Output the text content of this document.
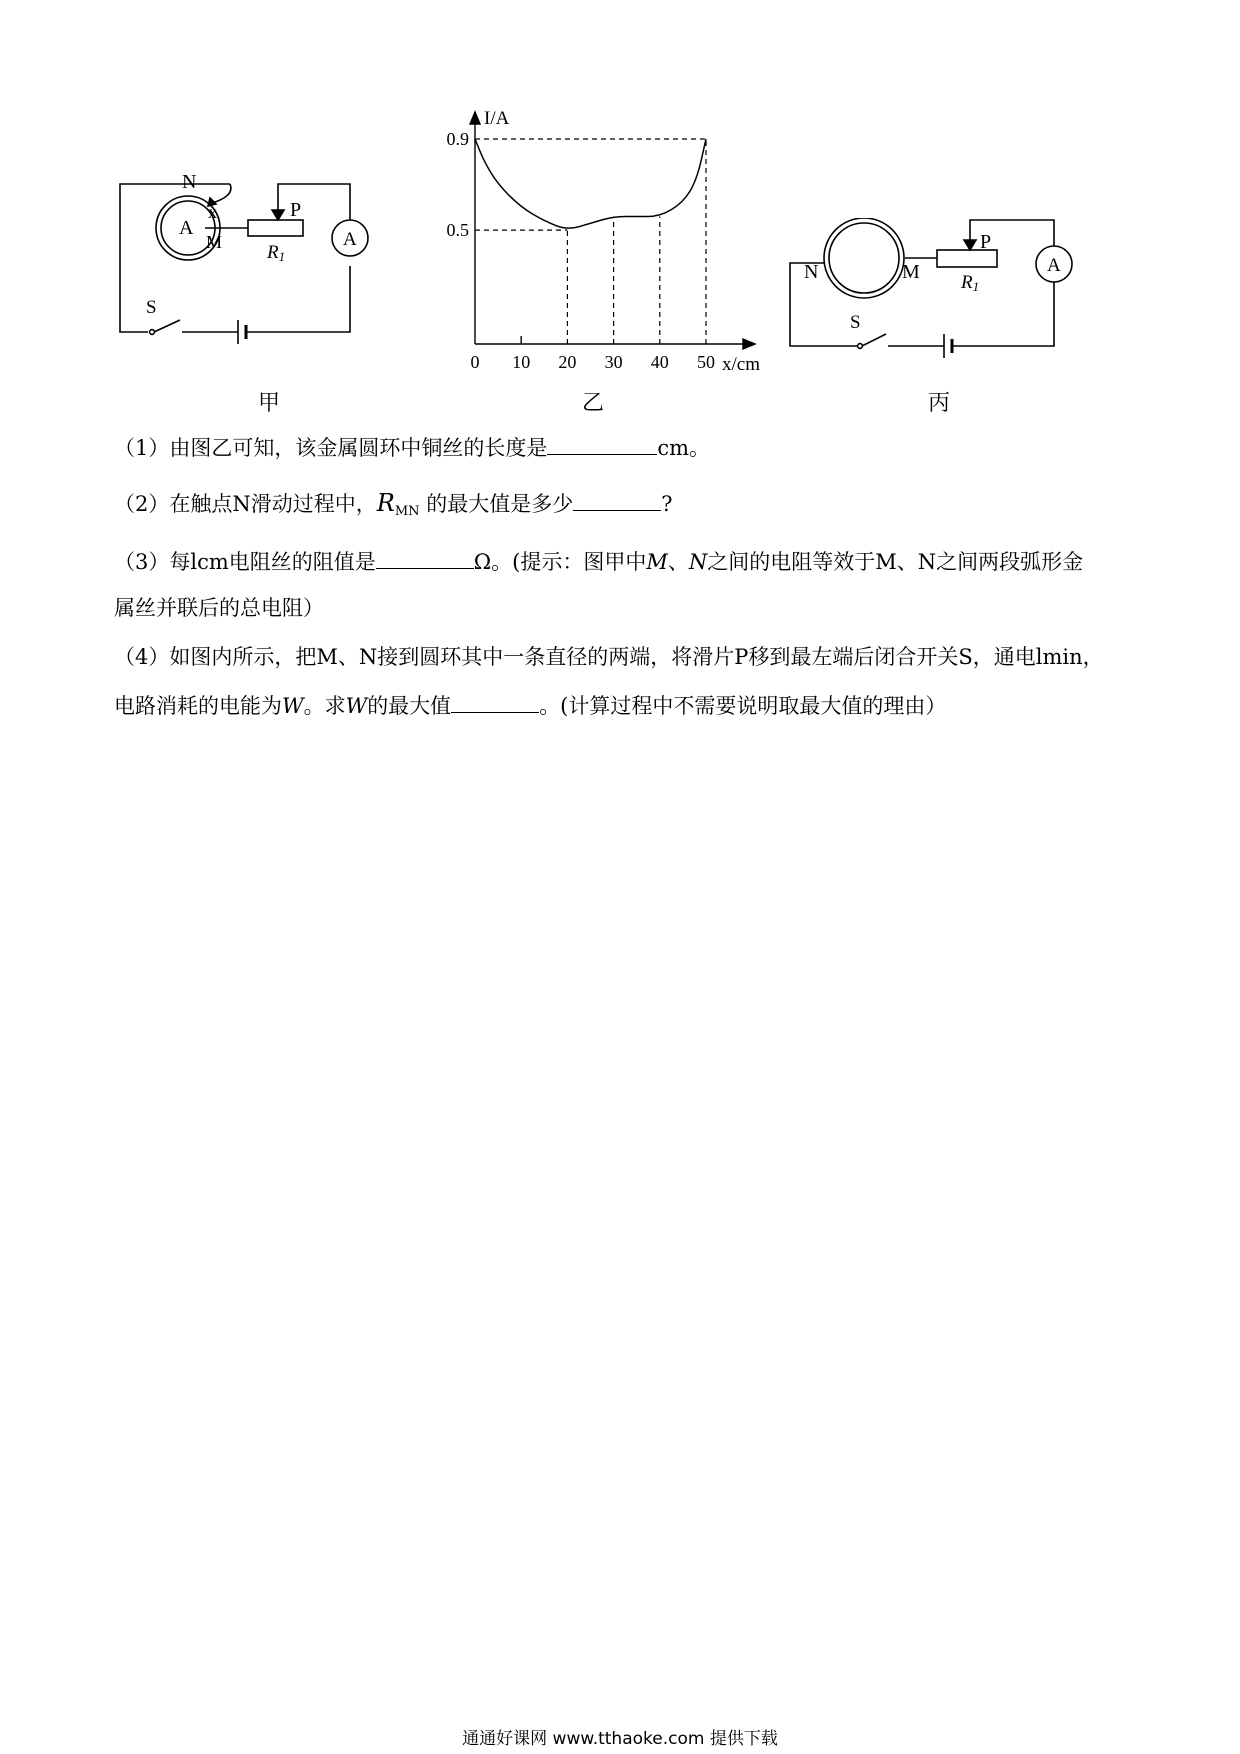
N
A
x
M
P
R1
A
S
甲
I/A
x/cm
0 10 20 30 40 50
0.5
0.9
乙
N	M
P
R1
A
S
丙
（1）由图乙可知，该金属圆环中铜丝的长度是	cm。
（2）在触点N滑动过程中，$R_{MN}$ 的最大值是多少	?
（3）每lcm电阻丝的阻值是	Ω。(提示：图甲中M、N之间的电阻等效于M、N之间两段弧形金
属丝并联后的总电阻）
（4）如图内所示，把M、N接到圆环其中一条直径的两端，将滑片P移到最左端后闭合开关S，通电lmin，
电路消耗的电能为W。求W的最大值	。(计算过程中不需要说明取最大值的理由）
通通好课网 www.tthaoke.com 提供下载
